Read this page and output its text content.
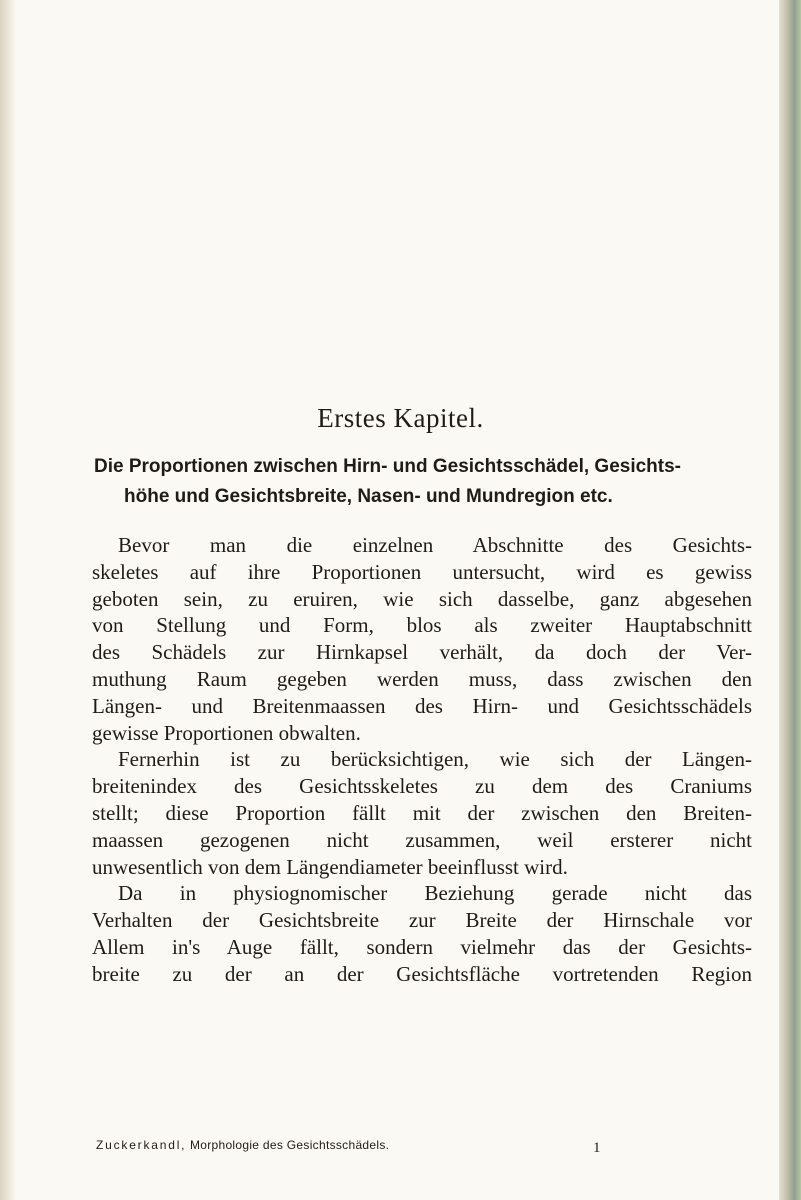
Erstes Kapitel.
Die Proportionen zwischen Hirn- und Gesichtsschädel, Gesichts-
höhe und Gesichtsbreite, Nasen- und Mundregion etc.
Bevor man die einzelnen Abschnitte des Gesichts-
skeletes auf ihre Proportionen untersucht, wird es gewiss
geboten sein, zu eruiren, wie sich dasselbe, ganz abgesehen
von Stellung und Form, blos als zweiter Hauptabschnitt
des Schädels zur Hirnkapsel verhält, da doch der Ver-
muthung Raum gegeben werden muss, dass zwischen den
Längen- und Breitenmaassen des Hirn- und Gesichtsschädels
gewisse Proportionen obwalten.
Fernerhin ist zu berücksichtigen, wie sich der Längen-
breitenindex des Gesichtsskeletes zu dem des Craniums
stellt; diese Proportion fällt mit der zwischen den Breiten-
maassen gezogenen nicht zusammen, weil ersterer nicht
unwesentlich von dem Längendiameter beeinflusst wird.
Da in physiognomischer Beziehung gerade nicht das
Verhalten der Gesichtsbreite zur Breite der Hirnschale vor
Allem in's Auge fällt, sondern vielmehr das der Gesichts-
breite zu der an der Gesichtsfläche vortretenden Region
Zuckerkandl, Morphologie des Gesichtsschädels.	1
